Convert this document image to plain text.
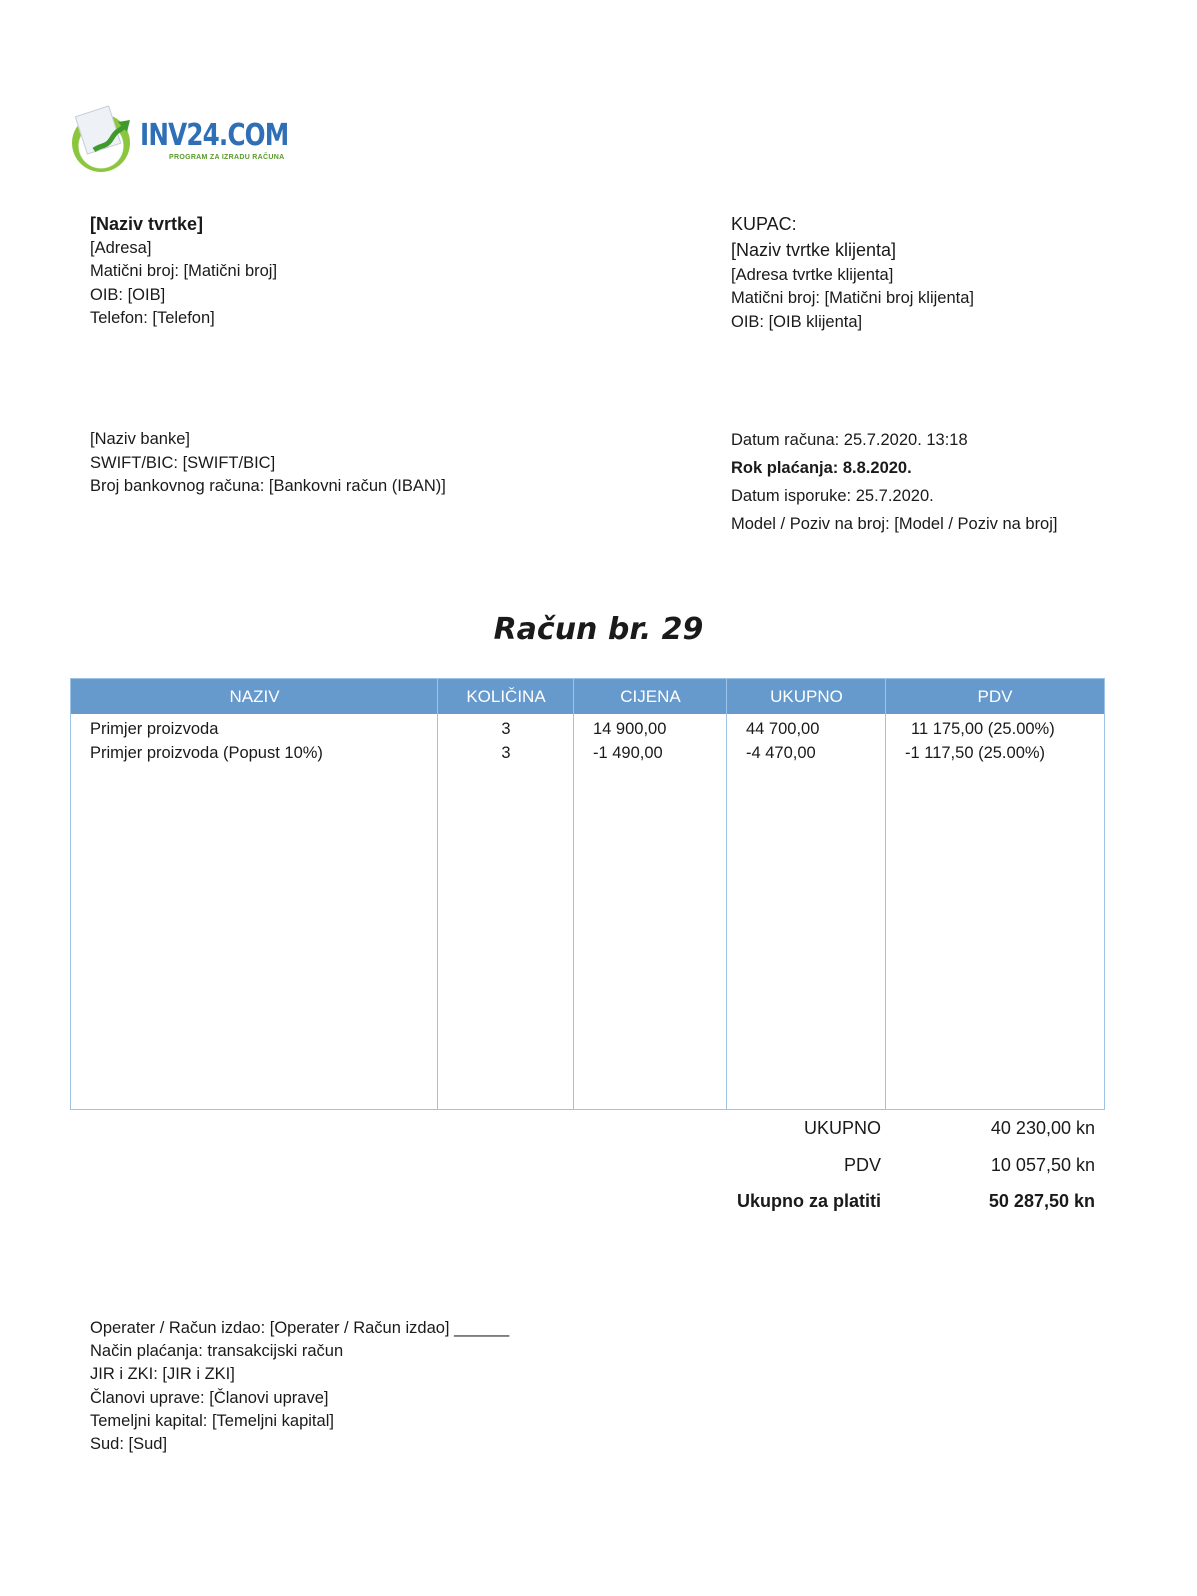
INV24.COM
PROGRAM ZA IZRADU RAČUNA
[Naziv tvrtke]
[Adresa]
Matični broj: [Matični broj]
OIB: [OIB]
Telefon: [Telefon]
KUPAC:
[Naziv tvrtke klijenta]
[Adresa tvrtke klijenta]
Matični broj: [Matični broj klijenta]
OIB: [OIB klijenta]
[Naziv banke]
SWIFT/BIC: [SWIFT/BIC]
Broj bankovnog računa: [Bankovni račun (IBAN)]
Datum računa: 25.7.2020. 13:18
Rok plaćanja: 8.8.2020.
Datum isporuke: 25.7.2020.
Model / Poziv na broj: [Model / Poziv na broj]
Račun br. 29
NAZIV	KOLIČINA	CIJENA	UKUPNO	PDV
Primjer proizvoda	3	14 900,00	44 700,00	11 175,00 (25.00%)
Primjer proizvoda (Popust 10%)	3	-1 490,00	-4 470,00	-1 117,50 (25.00%)
UKUPNO	40 230,00 kn
PDV	10 057,50 kn
Ukupno za platiti	50 287,50 kn
Operater / Račun izdao: [Operater / Račun izdao] ______
Način plaćanja: transakcijski račun
JIR i ZKI: [JIR i ZKI]
Članovi uprave: [Članovi uprave]
Temeljni kapital: [Temeljni kapital]
Sud: [Sud]
